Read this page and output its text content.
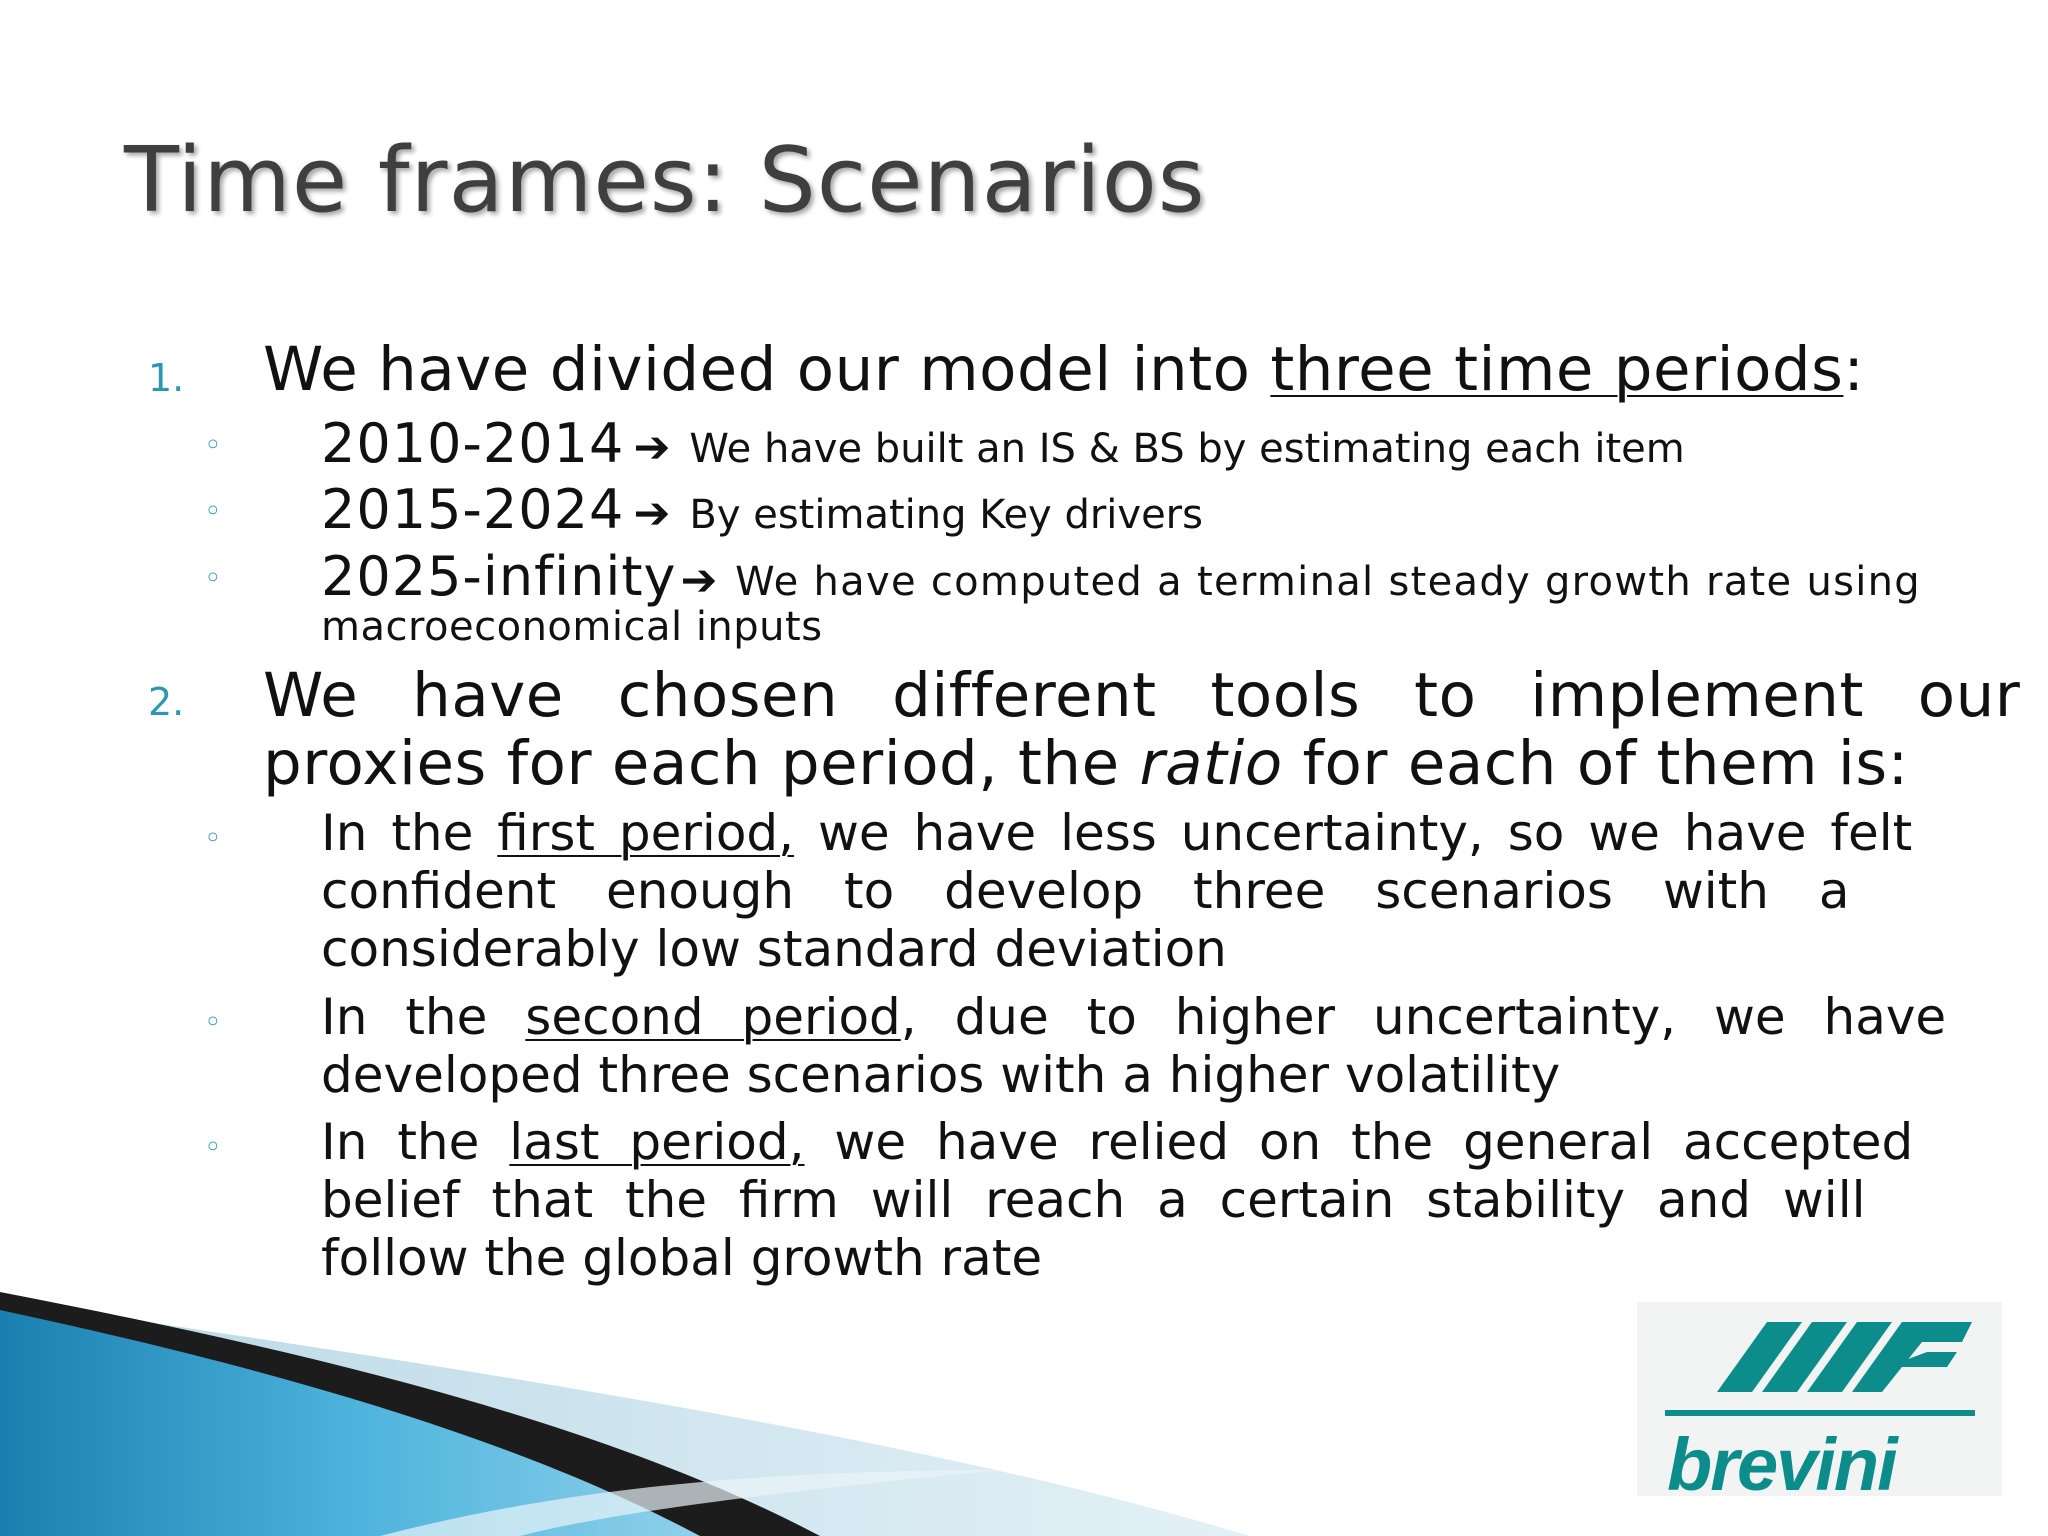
Time frames: Scenarios
1. We have divided our model into three time periods:
◦ 2010-2014 ➔ We have built an IS & BS by estimating each item
◦ 2015-2024 ➔ By estimating Key drivers
◦ 2025-infinity➔ We have computed a terminal steady growth rate using
macroeconomical inputs
2. We have chosen different tools to implement our
proxies for each period, the ratio for each of them is:
◦ In the first period, we have less uncertainty, so we have felt
confident enough to develop three scenarios with a
considerably low standard deviation
◦ In the second period, due to higher uncertainty, we have
developed three scenarios with a higher volatility
◦ In the last period, we have relied on the general accepted
belief that the firm will reach a certain stability and will
follow the global growth rate
brevini
